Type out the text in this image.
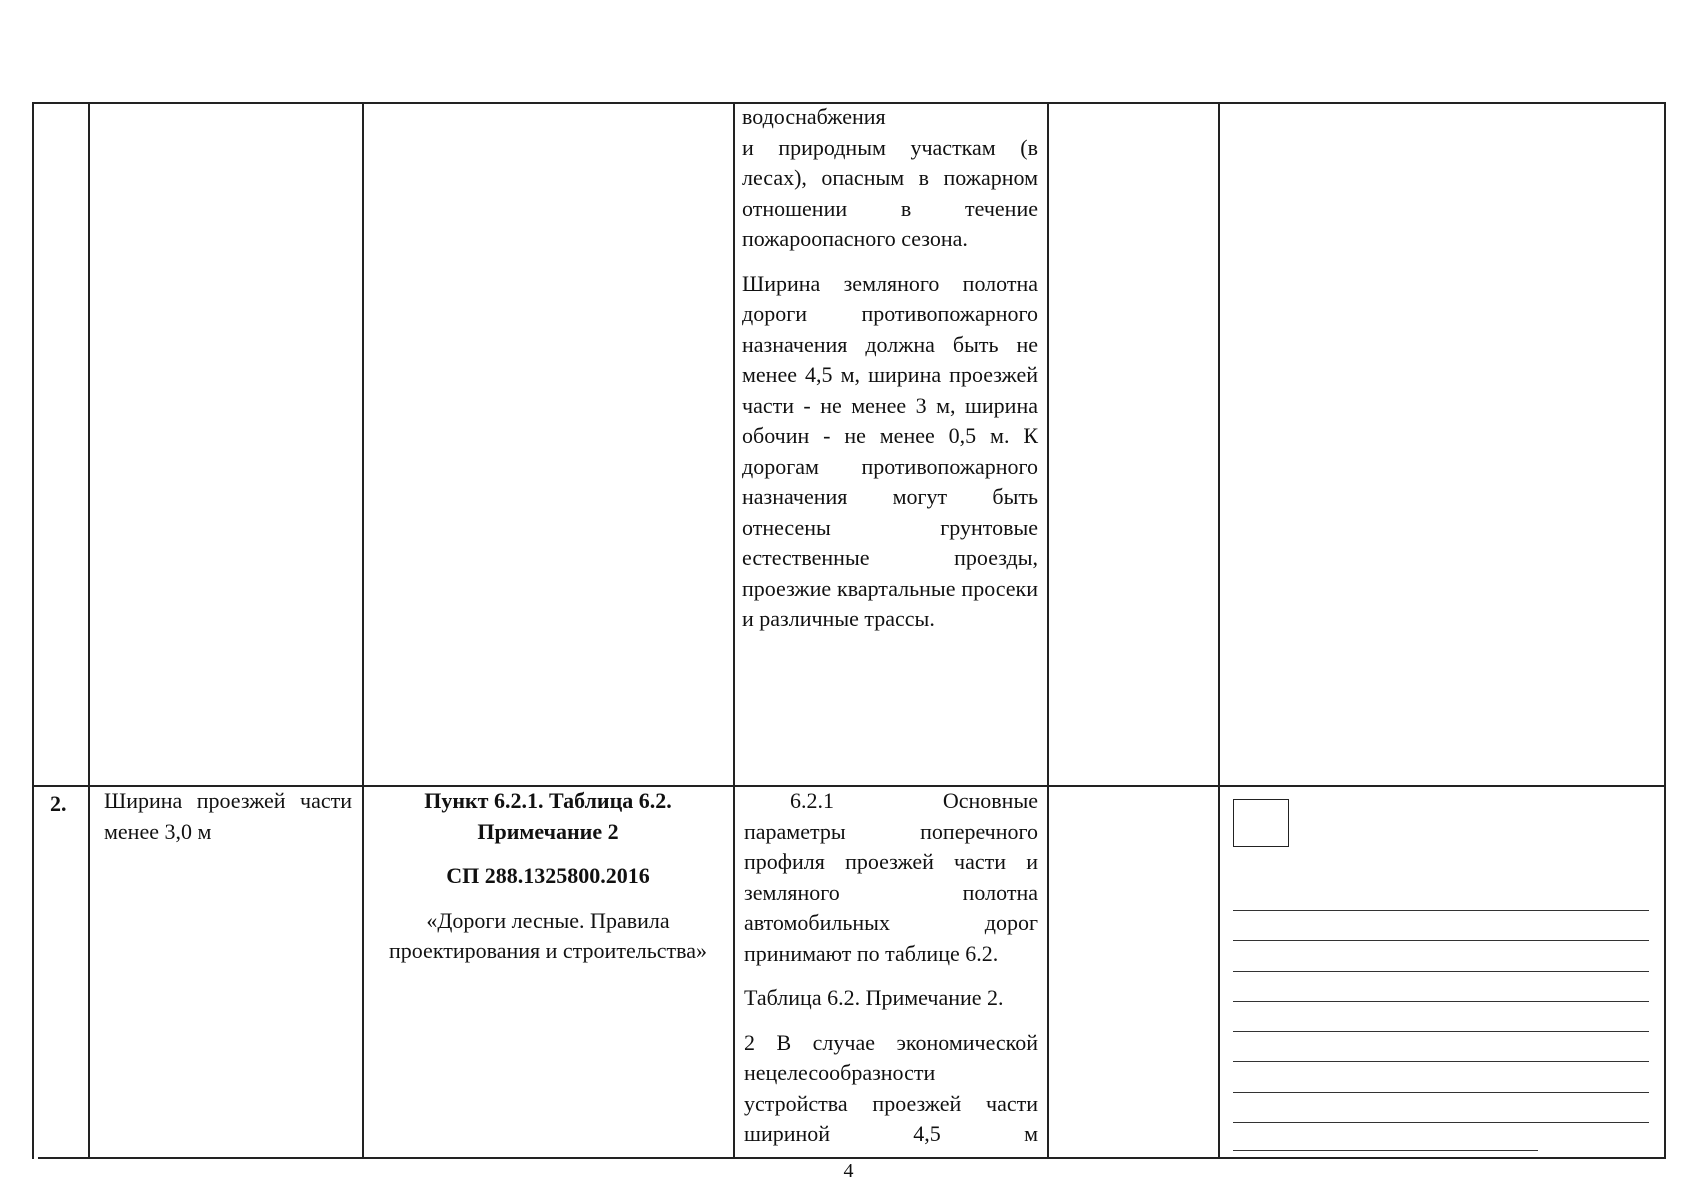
водоснабжения
и природным участкам (в лесах), опасным в пожарном отношении в течение пожароопасного сезона.
Ширина земляного полотна дороги противопожарного назначения должна быть не менее 4,5 м, ширина проезжей части - не менее 3 м, ширина обочин - не менее 0,5 м. К дорогам противопожарного назначения могут быть отнесены грунтовые естественные проезды, проезжие квартальные просеки и различные трассы.
2. Ширина проезжей части менее 3,0 м
Пункт 6.2.1. Таблица 6.2.
Примечание 2
СП 288.1325800.2016
«Дороги лесные. Правила проектирования и строительства»
6.2.1 Основные параметры поперечного профиля проезжей части и земляного полотна автомобильных дорог принимают по таблице 6.2.
Таблица 6.2. Примечание 2.
2 В случае экономической нецелесообразности устройства проезжей части шириной 4,5 м
4
